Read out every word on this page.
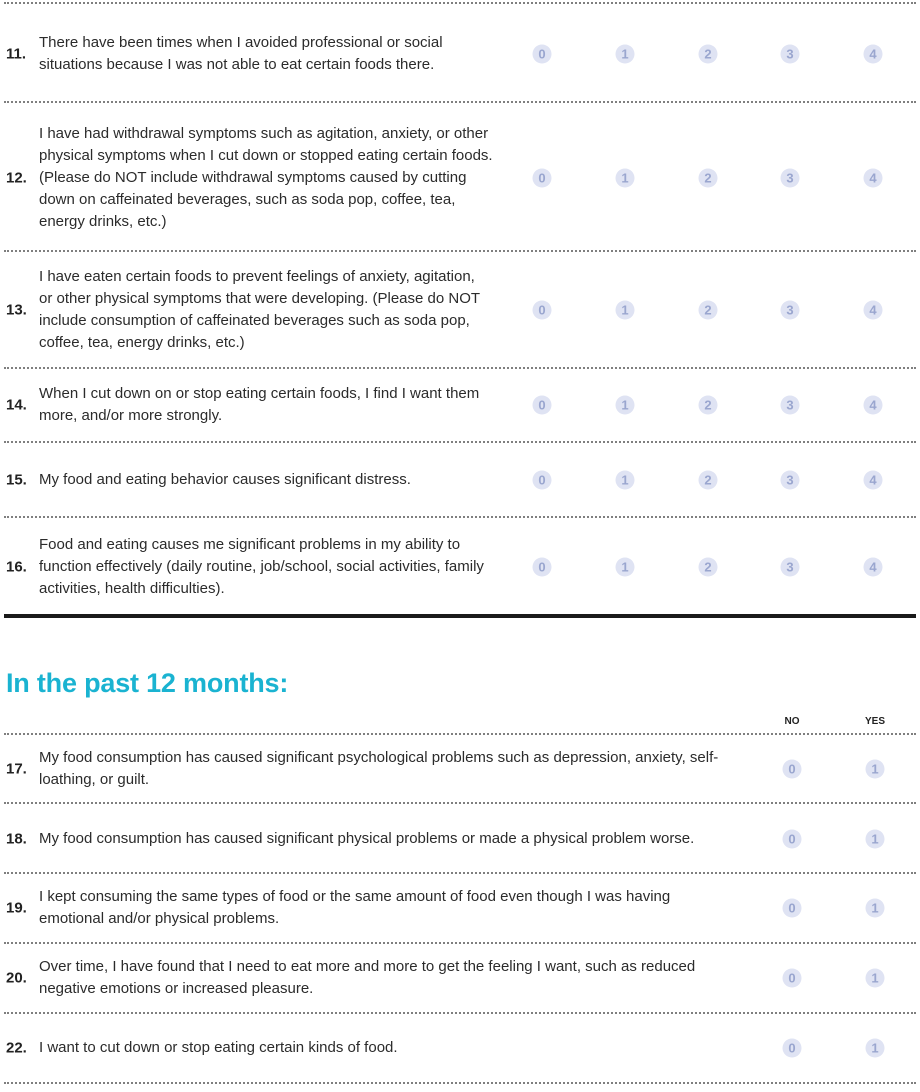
11.
There have been times when I avoided professional or social situations because I was not able to eat certain foods there.
0	1	2	3	4
12.
I have had withdrawal symptoms such as agitation, anxiety, or other physical symptoms when I cut down or stopped eating certain foods. (Please do NOT include withdrawal symptoms caused by cutting down on caffeinated beverages, such as soda pop, coffee, tea, energy drinks, etc.)
0	1	2	3	4
13.
I have eaten certain foods to prevent feelings of anxiety, agitation, or other physical symptoms that were developing. (Please do NOT include consumption of caffeinated beverages such as soda pop, coffee, tea, energy drinks, etc.)
0	1	2	3	4
14.
When I cut down on or stop eating certain foods, I find I want them more, and/or more strongly.
0	1	2	3	4
15. My food and eating behavior causes significant distress.	0	1	2	3	4
16.
Food and eating causes me significant problems in my ability to function effectively (daily routine, job/school, social activities, family activities, health difficulties).
0	1	2	3	4
In the past 12 months:
NO	YES
17.
My food consumption has caused significant psychological problems such as depression, anxiety, self-loathing, or guilt.
0	1
18. My food consumption has caused significant physical problems or made a physical problem worse.	0	1
19.
I kept consuming the same types of food or the same amount of food even though I was having emotional and/or physical problems.
0	1
20.
Over time, I have found that I need to eat more and more to get the feeling I want, such as reduced negative emotions or increased pleasure.
0	1
22. I want to cut down or stop eating certain kinds of food.	0	1
